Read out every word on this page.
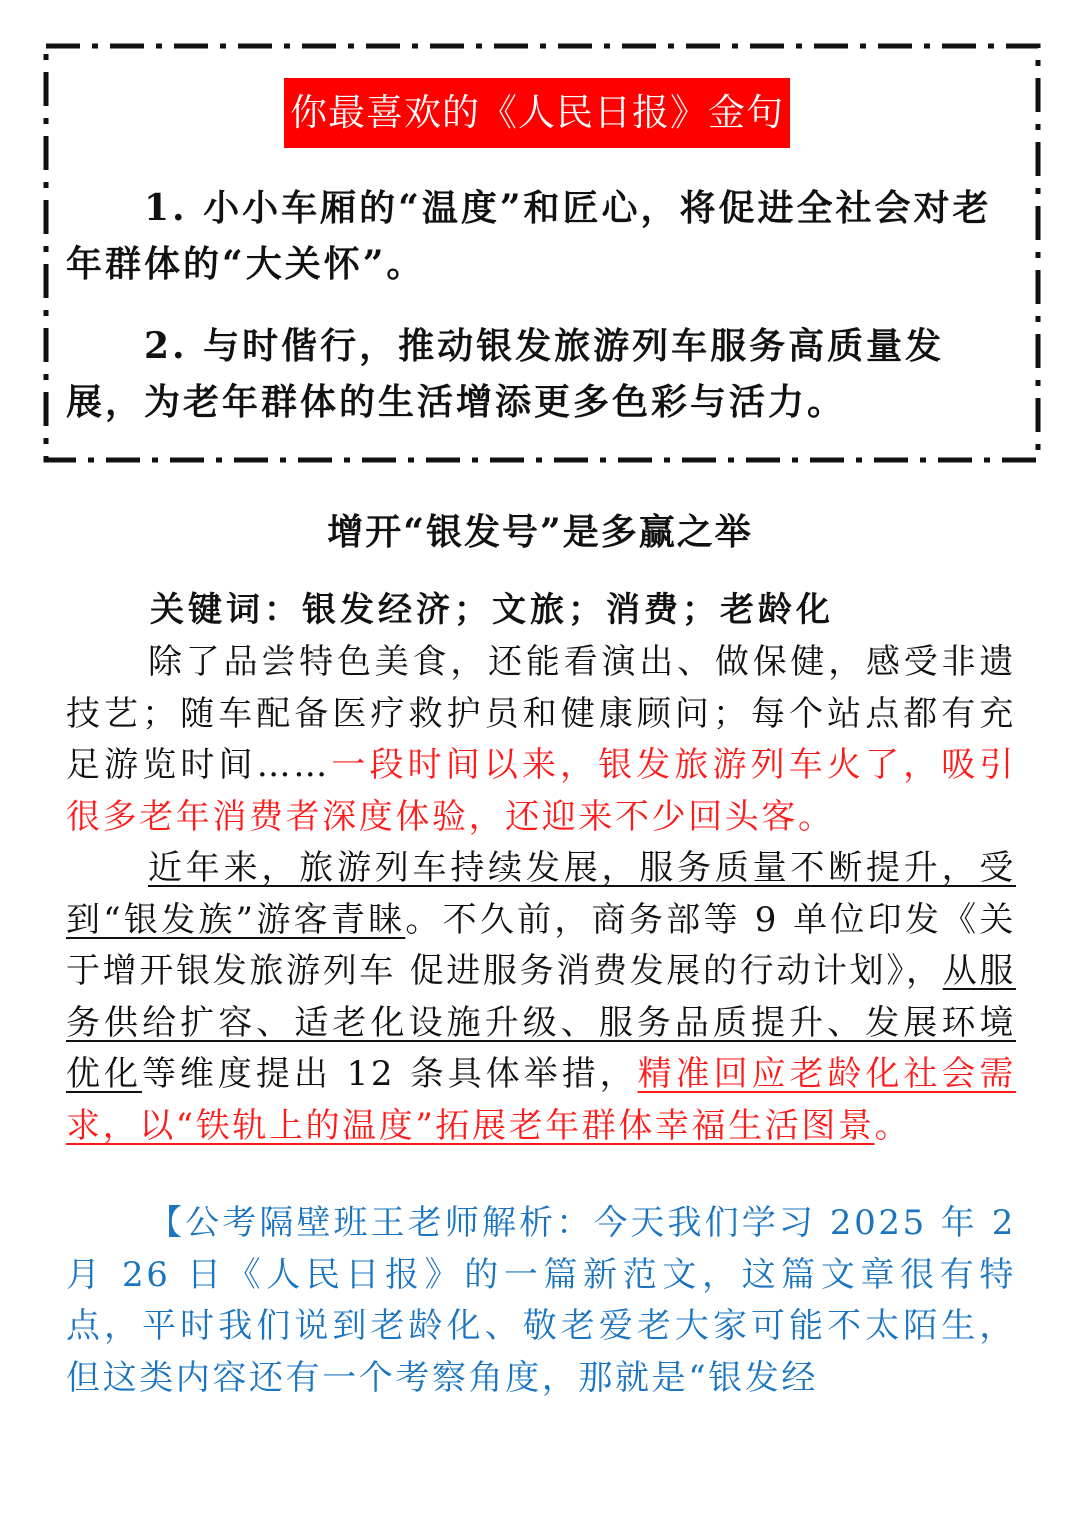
你最喜欢的《人民日报》金句
1. 小小车厢的“温度”和匠心，将促进全社会对老年群体的“大关怀”。
2. 与时偕行，推动银发旅游列车服务高质量发展，为老年群体的生活增添更多色彩与活力。
增开“银发号”是多赢之举
关键词：银发经济；文旅；消费；老龄化
除了品尝特色美食，还能看演出、做保健，感受非遗技艺；随车配备医疗救护员和健康顾问；每个站点都有充足游览时间……一段时间以来，银发旅游列车火了，吸引很多老年消费者深度体验，还迎来不少回头客。
近年来，旅游列车持续发展，服务质量不断提升，受到“银发族”游客青睐。不久前，商务部等 9 单位印发《关于增开银发旅游列车 促进服务消费发展的行动计划》，从服务供给扩容、适老化设施升级、服务品质提升、发展环境优化等维度提出 12 条具体举措，精准回应老龄化社会需求，以“铁轨上的温度”拓展老年群体幸福生活图景。
【公考隔壁班王老师解析：今天我们学习 2025 年 2 月 26 日《人民日报》的一篇新范文，这篇文章很有特点，平时我们说到老龄化、敬老爱老大家可能不太陌生，但这类内容还有一个考察角度，那就是“银发经
